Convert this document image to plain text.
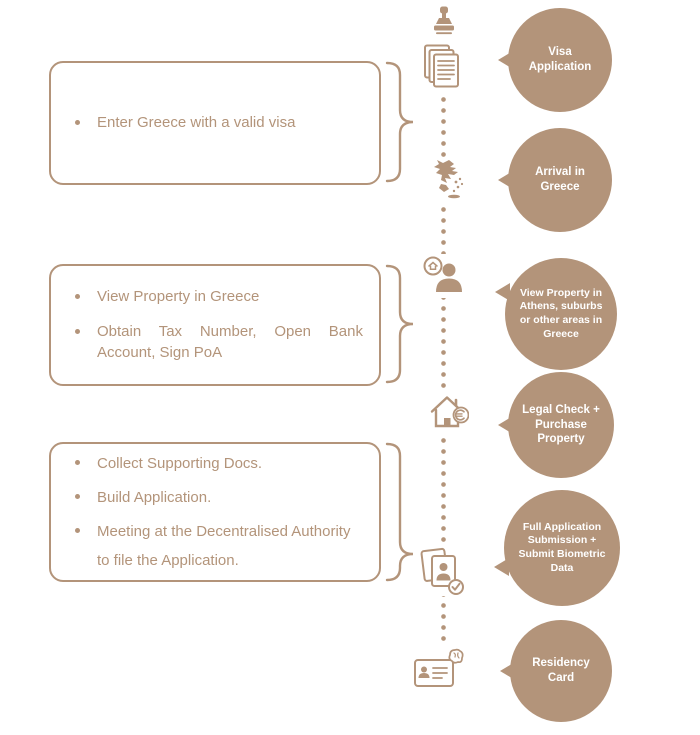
Enter Greece with a valid visa
View Property in Greece
Obtain Tax Number, Open Bank Account, Sign PoA
Collect Supporting Docs.
Build Application.
Meeting at the Decentralised Authority to file the Application.
Visa Application
Arrival in Greece
View Property in Athens, suburbs or other areas in Greece
Legal Check + Purchase Property
Full Application Submission + Submit Biometric Data
Residency Card
